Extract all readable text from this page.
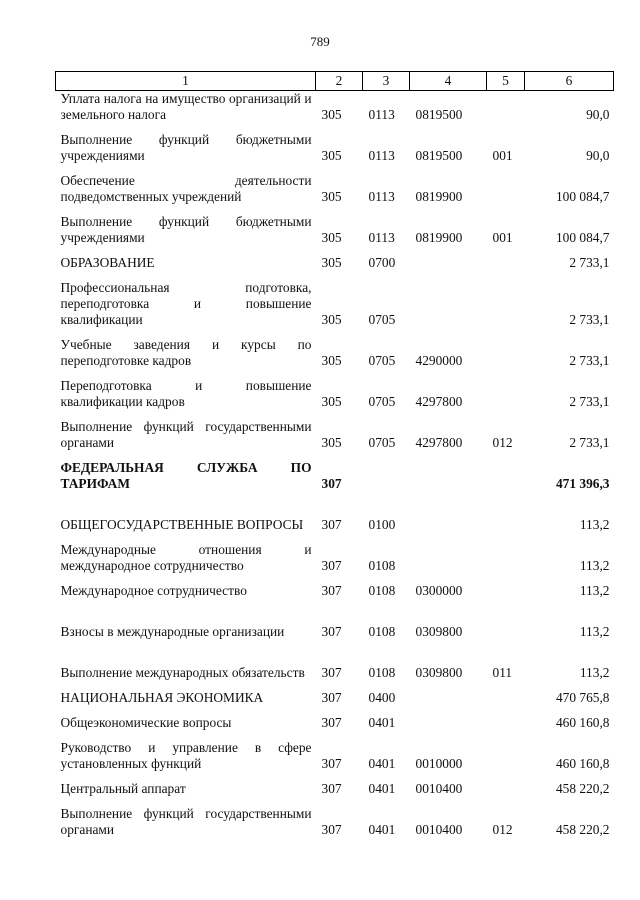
789
1	2	3	4	5	6
Уплата налога на имущество организаций и земельного налога	305	0113	0819500		90,0
Выполнение функций бюджетными учреждениями	305	0113	0819500	001	90,0
Обеспечение деятельности подведомственных учреждений	305	0113	0819900		100 084,7
Выполнение функций бюджетными учреждениями	305	0113	0819900	001	100 084,7
ОБРАЗОВАНИЕ	305	0700			2 733,1
Профессиональная подготовка, переподготовка и повышение квалификации	305	0705			2 733,1
Учебные заведения и курсы по переподготовке кадров	305	0705	4290000		2 733,1
Переподготовка и повышение квалификации кадров	305	0705	4297800		2 733,1
Выполнение функций государственными органами	305	0705	4297800	012	2 733,1
ФЕДЕРАЛЬНАЯ СЛУЖБА ПО ТАРИФАМ	307				471 396,3
ОБЩЕГОСУДАРСТВЕННЫЕ ВОПРОСЫ	307	0100			113,2
Международные отношения и международное сотрудничество	307	0108			113,2
Международное сотрудничество	307	0108	0300000		113,2
Взносы в международные организации	307	0108	0309800		113,2
Выполнение международных обязательств	307	0108	0309800	011	113,2
НАЦИОНАЛЬНАЯ ЭКОНОМИКА	307	0400			470 765,8
Общеэкономические вопросы	307	0401			460 160,8
Руководство и управление в сфере установленных функций	307	0401	0010000		460 160,8
Центральный аппарат	307	0401	0010400		458 220,2
Выполнение функций государственными органами	307	0401	0010400	012	458 220,2
